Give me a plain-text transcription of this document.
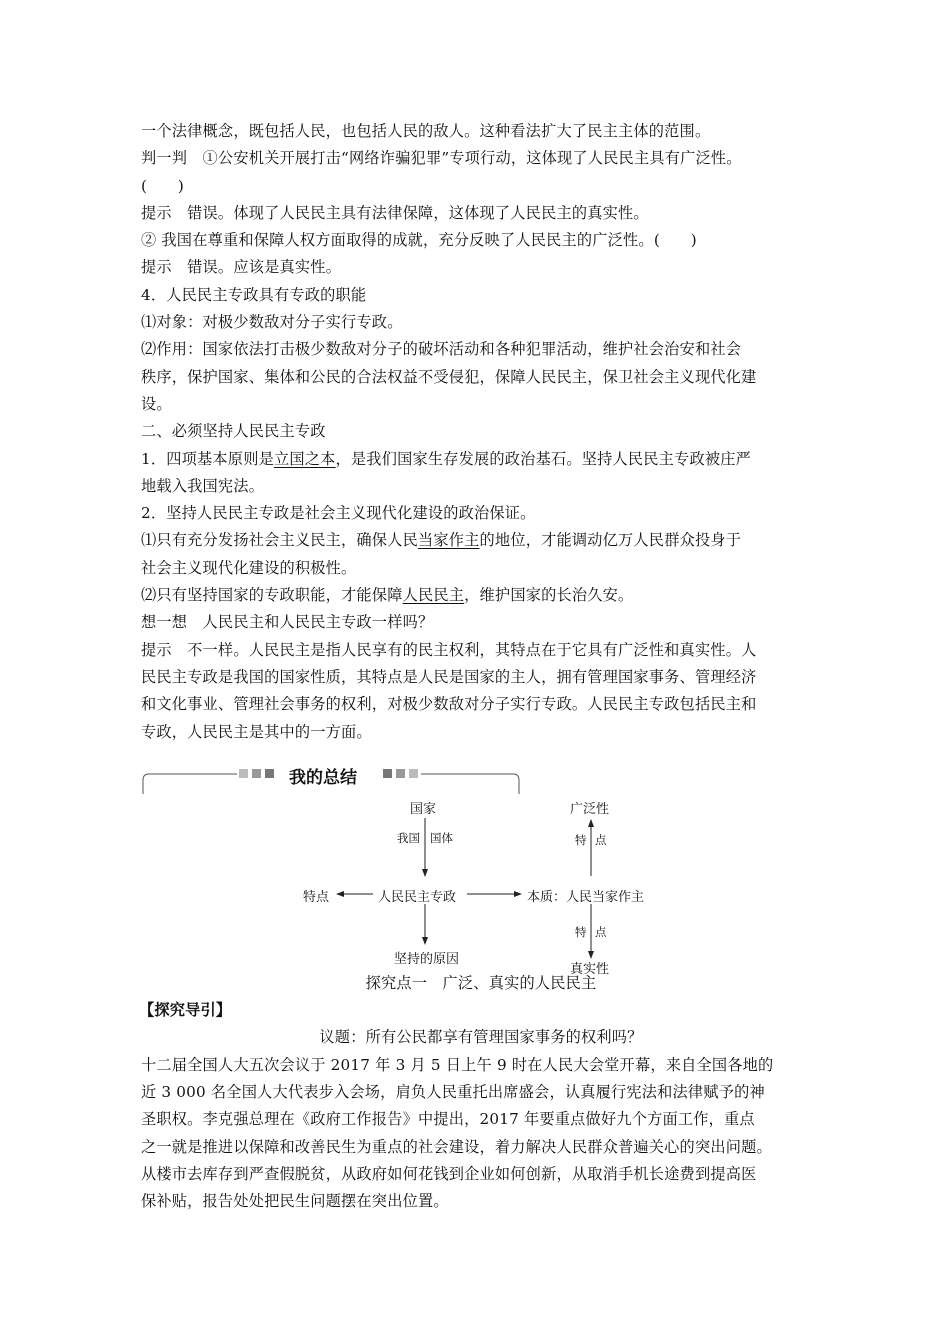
一个法律概念，既包括人民，也包括人民的敌人。这种看法扩大了民主主体的范围。
判一判　①公安机关开展打击“网络诈骗犯罪”专项行动，这体现了人民民主具有广泛性。
(　　)
提示　错误。体现了人民民主具有法律保障，这体现了人民民主的真实性。
② 我国在尊重和保障人权方面取得的成就，充分反映了人民民主的广泛性。(　　)
提示　错误。应该是真实性。
4．人民民主专政具有专政的职能
⑴对象：对极少数敌对分子实行专政。
⑵作用：国家依法打击极少数敌对分子的破坏活动和各种犯罪活动，维护社会治安和社会
秩序，保护国家、集体和公民的合法权益不受侵犯，保障人民民主，保卫社会主义现代化建
设。
二、必须坚持人民民主专政
1．四项基本原则是立国之本，是我们国家生存发展的政治基石。坚持人民民主专政被庄严
地载入我国宪法。
2．坚持人民民主专政是社会主义现代化建设的政治保证。
⑴只有充分发扬社会主义民主，确保人民当家作主的地位，才能调动亿万人民群众投身于
社会主义现代化建设的积极性。
⑵只有坚持国家的专政职能，才能保障人民民主，维护国家的长治久安。
想一想　人民民主和人民民主专政一样吗？
提示　不一样。人民民主是指人民享有的民主权利，其特点在于它具有广泛性和真实性。人
民民主专政是我国的国家性质，其特点是人民是国家的主人，拥有管理国家事务、管理经济
和文化事业、管理社会事务的权利，对极少数敌对分子实行专政。人民民主专政包括民主和
专政，人民民主是其中的一方面。
我的总结
国家
我国 国体
人民民主专政
特点	本质：人民当家作主
坚持的原因
广泛性
特 点
特 点
真实性
探究点一　广泛、真实的人民民主
【探究导引】
议题：所有公民都享有管理国家事务的权利吗？
十二届全国人大五次会议于 2017 年 3 月 5 日上午 9 时在人民大会堂开幕，来自全国各地的
近 3 000 名全国人大代表步入会场，肩负人民重托出席盛会，认真履行宪法和法律赋予的神
圣职权。李克强总理在《政府工作报告》中提出，2017 年要重点做好九个方面工作，重点
之一就是推进以保障和改善民生为重点的社会建设，着力解决人民群众普遍关心的突出问题。
从楼市去库存到严查假脱贫，从政府如何花钱到企业如何创新，从取消手机长途费到提高医
保补贴，报告处处把民生问题摆在突出位置。
